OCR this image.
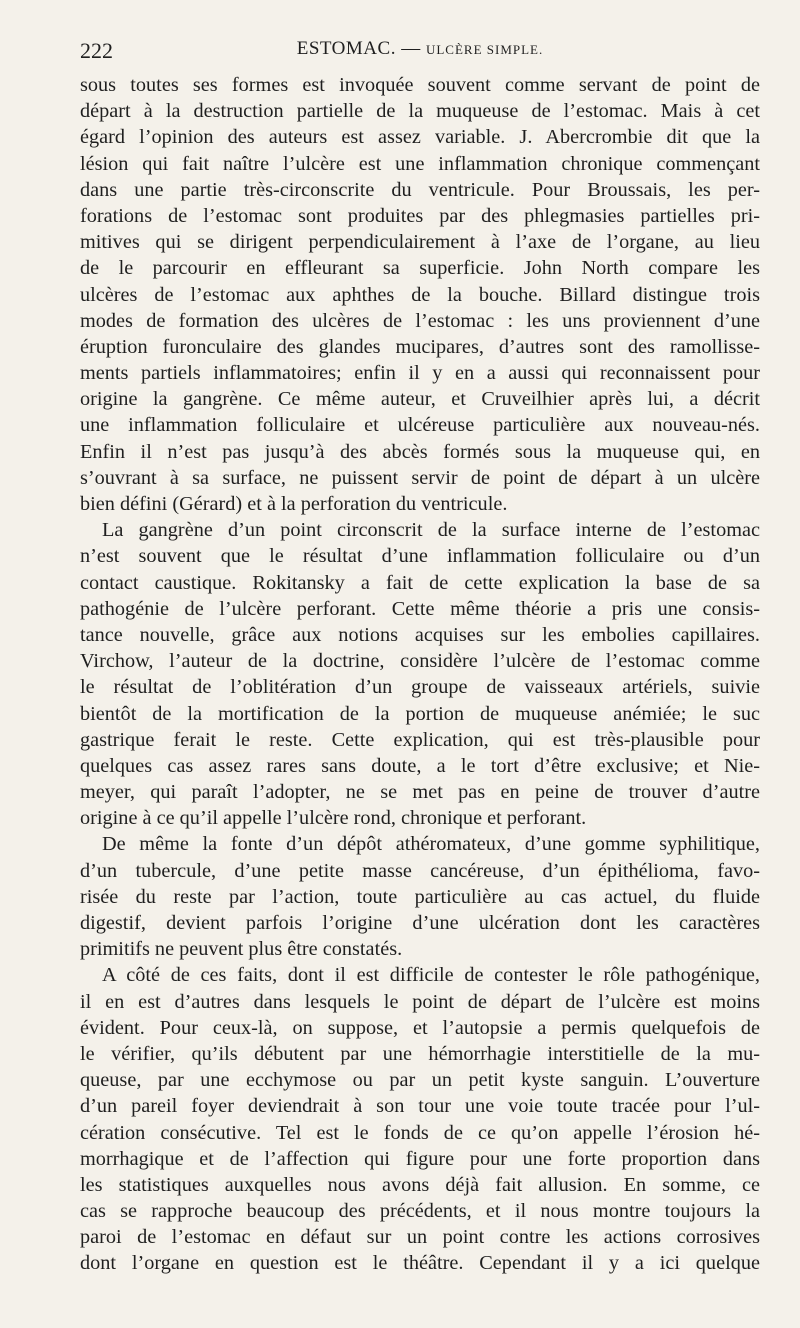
222	ESTOMAC. — ULCÈRE SIMPLE.
sous toutes ses formes est invoquée souvent comme servant de point de
départ à la destruction partielle de la muqueuse de l’estomac. Mais à cet
égard l’opinion des auteurs est assez variable. J. Abercrombie dit que la
lésion qui fait naître l’ulcère est une inflammation chronique commençant
dans une partie très-circonscrite du ventricule. Pour Broussais, les per-
forations de l’estomac sont produites par des phlegmasies partielles pri-
mitives qui se dirigent perpendiculairement à l’axe de l’organe, au lieu
de le parcourir en effleurant sa superficie. John North compare les
ulcères de l’estomac aux aphthes de la bouche. Billard distingue trois
modes de formation des ulcères de l’estomac : les uns proviennent d’une
éruption furonculaire des glandes mucipares, d’autres sont des ramollisse-
ments partiels inflammatoires; enfin il y en a aussi qui reconnaissent pour
origine la gangrène. Ce même auteur, et Cruveilhier après lui, a décrit
une inflammation folliculaire et ulcéreuse particulière aux nouveau-nés.
Enfin il n’est pas jusqu’à des abcès formés sous la muqueuse qui, en
s’ouvrant à sa surface, ne puissent servir de point de départ à un ulcère
bien défini (Gérard) et à la perforation du ventricule.
La gangrène d’un point circonscrit de la surface interne de l’estomac
n’est souvent que le résultat d’une inflammation folliculaire ou d’un
contact caustique. Rokitansky a fait de cette explication la base de sa
pathogénie de l’ulcère perforant. Cette même théorie a pris une consis-
tance nouvelle, grâce aux notions acquises sur les embolies capillaires.
Virchow, l’auteur de la doctrine, considère l’ulcère de l’estomac comme
le résultat de l’oblitération d’un groupe de vaisseaux artériels, suivie
bientôt de la mortification de la portion de muqueuse anémiée; le suc
gastrique ferait le reste. Cette explication, qui est très-plausible pour
quelques cas assez rares sans doute, a le tort d’être exclusive; et Nie-
meyer, qui paraît l’adopter, ne se met pas en peine de trouver d’autre
origine à ce qu’il appelle l’ulcère rond, chronique et perforant.
De même la fonte d’un dépôt athéromateux, d’une gomme syphilitique,
d’un tubercule, d’une petite masse cancéreuse, d’un épithélioma, favo-
risée du reste par l’action, toute particulière au cas actuel, du fluide
digestif, devient parfois l’origine d’une ulcération dont les caractères
primitifs ne peuvent plus être constatés.
A côté de ces faits, dont il est difficile de contester le rôle pathogénique,
il en est d’autres dans lesquels le point de départ de l’ulcère est moins
évident. Pour ceux-là, on suppose, et l’autopsie a permis quelquefois de
le vérifier, qu’ils débutent par une hémorrhagie interstitielle de la mu-
queuse, par une ecchymose ou par un petit kyste sanguin. L’ouverture
d’un pareil foyer deviendrait à son tour une voie toute tracée pour l’ul-
cération consécutive. Tel est le fonds de ce qu’on appelle l’érosion hé-
morrhagique et de l’affection qui figure pour une forte proportion dans
les statistiques auxquelles nous avons déjà fait allusion. En somme, ce
cas se rapproche beaucoup des précédents, et il nous montre toujours la
paroi de l’estomac en défaut sur un point contre les actions corrosives
dont l’organe en question est le théâtre. Cependant il y a ici quelque
